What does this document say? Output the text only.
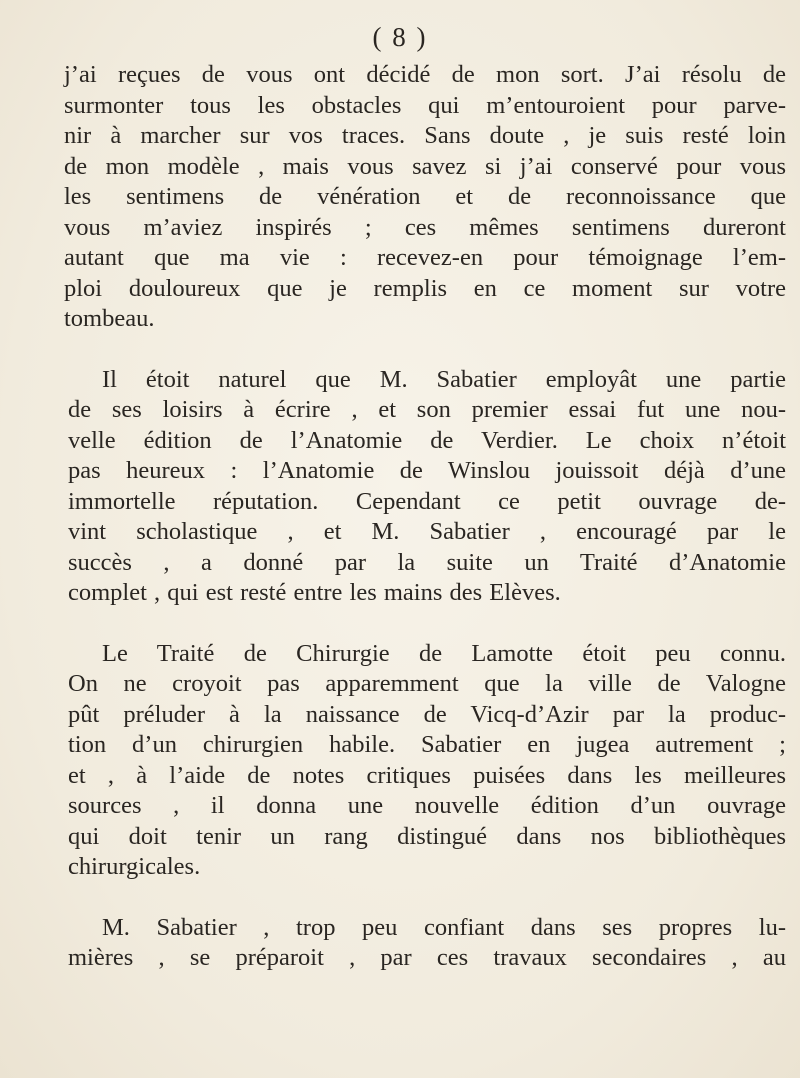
( 8 )

j’ai reçues de vous ont décidé de mon sort. J’ai résolu de
surmonter tous les obstacles qui m’entouroient pour parve-
nir à marcher sur vos traces. Sans doute , je suis resté loin
de mon modèle , mais vous savez si j’ai conservé pour vous
les sentimens de vénération et de reconnoissance que
vous m’aviez inspirés ; ces mêmes sentimens dureront
autant que ma vie : recevez-en pour témoignage l’em-
ploi douloureux que je remplis en ce moment sur votre
tombeau.

Il étoit naturel que M. Sabatier employât une partie
de ses loisirs à écrire , et son premier essai fut une nou-
velle édition de l’Anatomie de Verdier. Le choix n’étoit
pas heureux : l’Anatomie de Winslou jouissoit déjà d’une
immortelle réputation. Cependant ce petit ouvrage de-
vint scholastique , et M. Sabatier , encouragé par le
succès , a donné par la suite un Traité d’Anatomie
complet , qui est resté entre les mains des Elèves.

Le Traité de Chirurgie de Lamotte étoit peu connu.
On ne croyoit pas apparemment que la ville de Valogne
pût préluder à la naissance de Vicq-d’Azir par la produc-
tion d’un chirurgien habile. Sabatier en jugea autrement ;
et , à l’aide de notes critiques puisées dans les meilleures
sources , il donna une nouvelle édition d’un ouvrage
qui doit tenir un rang distingué dans nos bibliothèques
chirurgicales.

M. Sabatier , trop peu confiant dans ses propres lu-
mières , se préparoit , par ces travaux secondaires , au
